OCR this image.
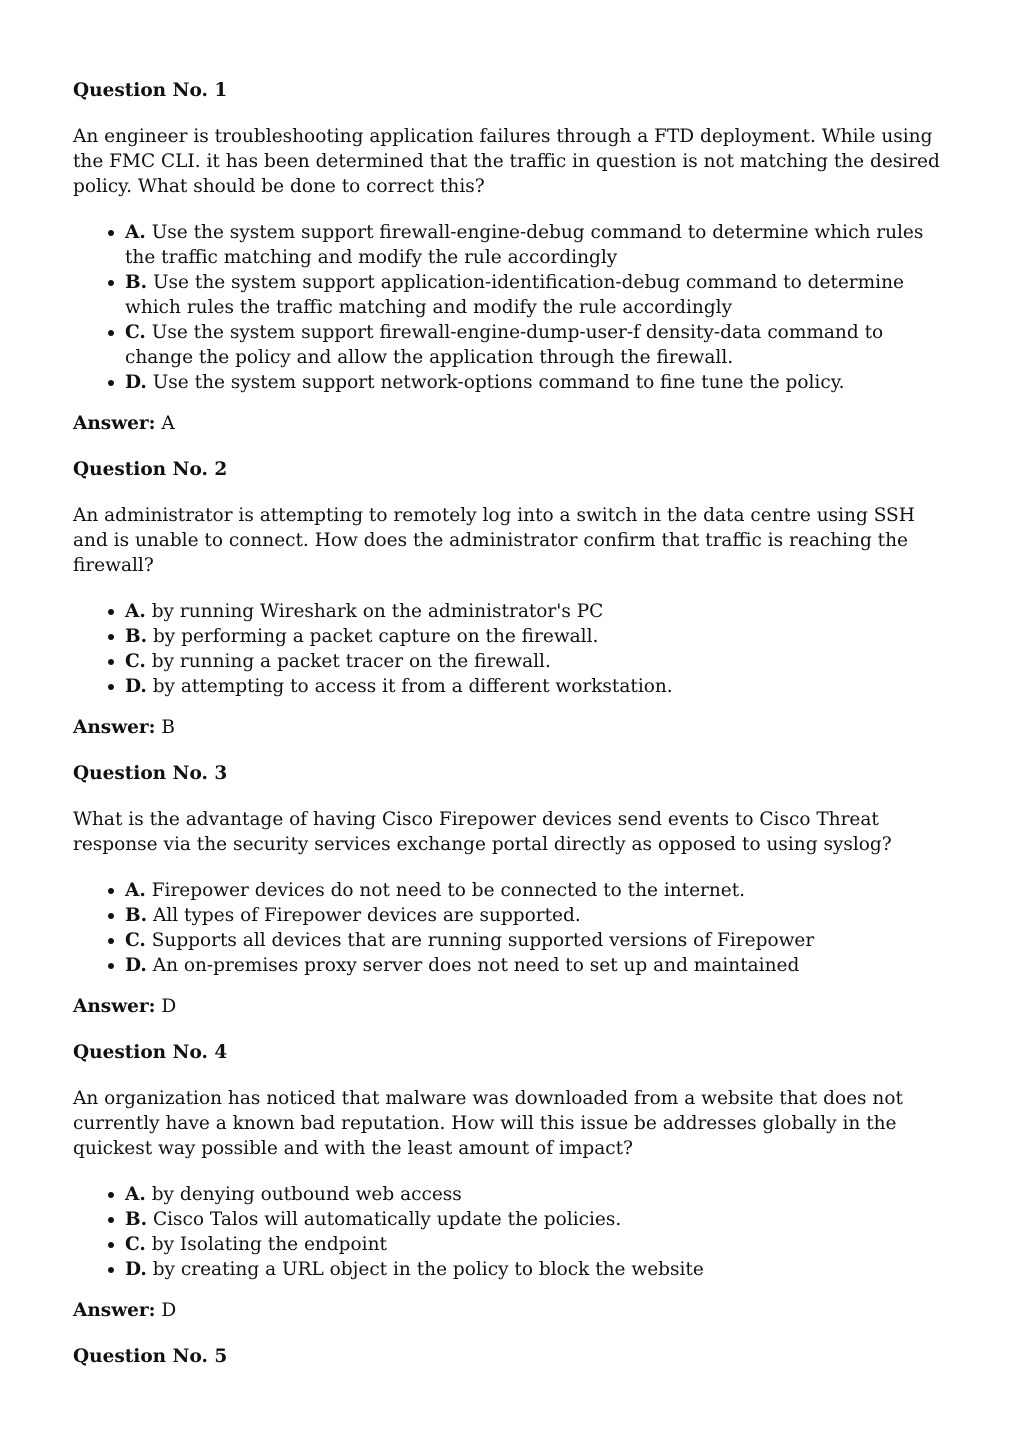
Question No. 1
An engineer is troubleshooting application failures through a FTD deployment. While using the FMC CLI. it has been determined that the traffic in question is not matching the desired policy. What should be done to correct this?
A. Use the system support firewall-engine-debug command to determine which rules the traffic matching and modify the rule accordingly
B. Use the system support application-identification-debug command to determine which rules the traffic matching and modify the rule accordingly
C. Use the system support firewall-engine-dump-user-f density-data command to change the policy and allow the application through the firewall.
D. Use the system support network-options command to fine tune the policy.
Answer: A
Question No. 2
An administrator is attempting to remotely log into a switch in the data centre using SSH and is unable to connect. How does the administrator confirm that traffic is reaching the firewall?
A. by running Wireshark on the administrator's PC
B. by performing a packet capture on the firewall.
C. by running a packet tracer on the firewall.
D. by attempting to access it from a different workstation.
Answer: B
Question No. 3
What is the advantage of having Cisco Firepower devices send events to Cisco Threat response via the security services exchange portal directly as opposed to using syslog?
A. Firepower devices do not need to be connected to the internet.
B. All types of Firepower devices are supported.
C. Supports all devices that are running supported versions of Firepower
D. An on-premises proxy server does not need to set up and maintained
Answer: D
Question No. 4
An organization has noticed that malware was downloaded from a website that does not currently have a known bad reputation. How will this issue be addresses globally in the quickest way possible and with the least amount of impact?
A. by denying outbound web access
B. Cisco Talos will automatically update the policies.
C. by Isolating the endpoint
D. by creating a URL object in the policy to block the website
Answer: D
Question No. 5
